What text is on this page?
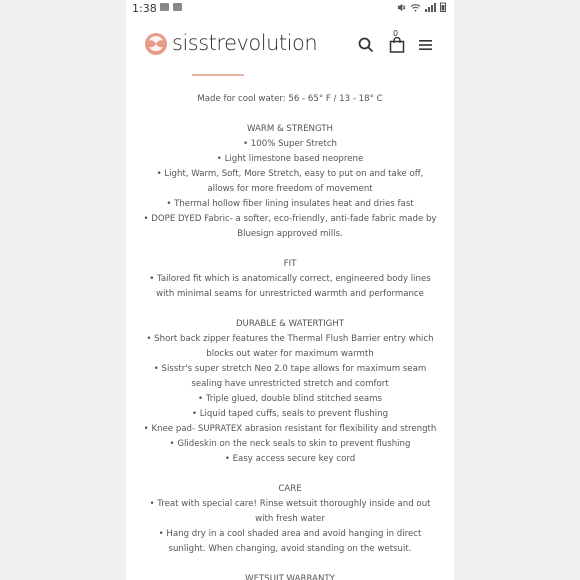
1:38
sisstrevolution	0

Made for cool water: 56 - 65° F / 13 - 18° C

WARM & STRENGTH

• 100% Super Stretch

• Light limestone based neoprene

• Light, Warm, Soft, More Stretch, easy to put on and take off,

allows for more freedom of movement

• Thermal hollow fiber lining insulates heat and dries fast

• DOPE DYED Fabric- a softer, eco-friendly, anti-fade fabric made by

Bluesign approved mills.

FIT

• Tailored fit which is anatomically correct, engineered body lines

with minimal seams for unrestricted warmth and performance

DURABLE & WATERTIGHT

• Short back zipper features the Thermal Flush Barrier entry which

blocks out water for maximum warmth

• Sisstr's super stretch Neo 2.0 tape allows for maximum seam

sealing have unrestricted stretch and comfort

• Triple glued, double blind stitched seams

• Liquid taped cuffs, seals to prevent flushing

• Knee pad- SUPRATEX abrasion resistant for flexibility and strength

• Glideskin on the neck seals to skin to prevent flushing

• Easy access secure key cord

CARE

• Treat with special care! Rinse wetsuit thoroughly inside and out

with fresh water

• Hang dry in a cool shaded area and avoid hanging in direct

sunlight. When changing, avoid standing on the wetsuit.

WETSUIT WARRANTY
